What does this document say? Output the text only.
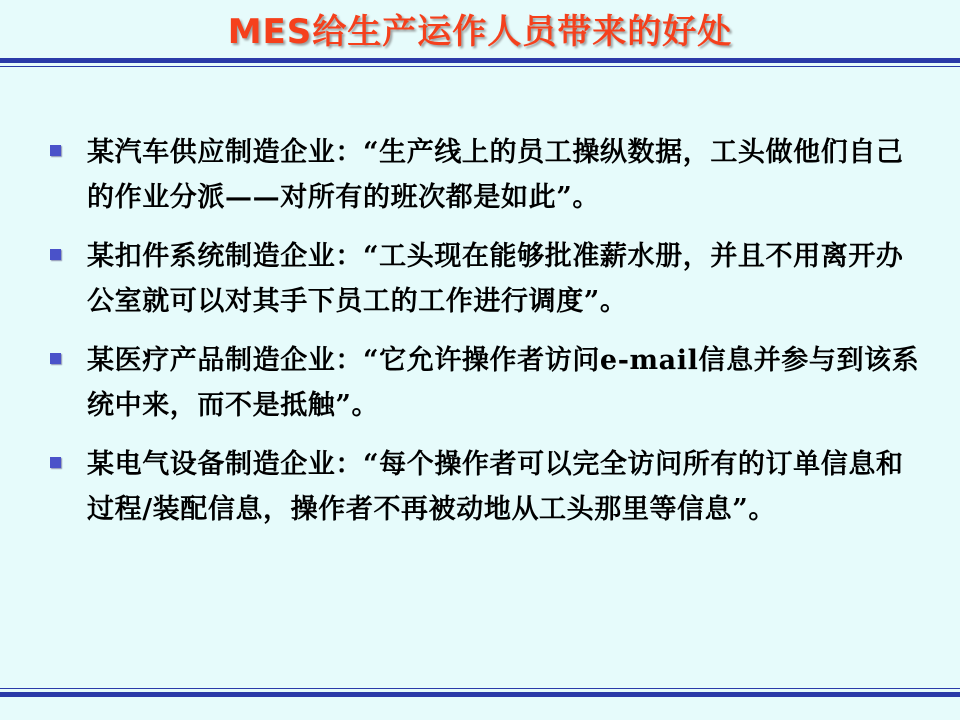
MES给生产运作人员带来的好处
某汽车供应制造企业：“生产线上的员工操纵数据，工头做他们自己的作业分派——对所有的班次都是如此”。
某扣件系统制造企业：“工头现在能够批准薪水册，并且不用离开办公室就可以对其手下员工的工作进行调度”。
某医疗产品制造企业：“它允许操作者访问e-mail信息并参与到该系统中来，而不是抵触”。
某电气设备制造企业：“每个操作者可以完全访问所有的订单信息和过程/装配信息，操作者不再被动地从工头那里等信息”。
